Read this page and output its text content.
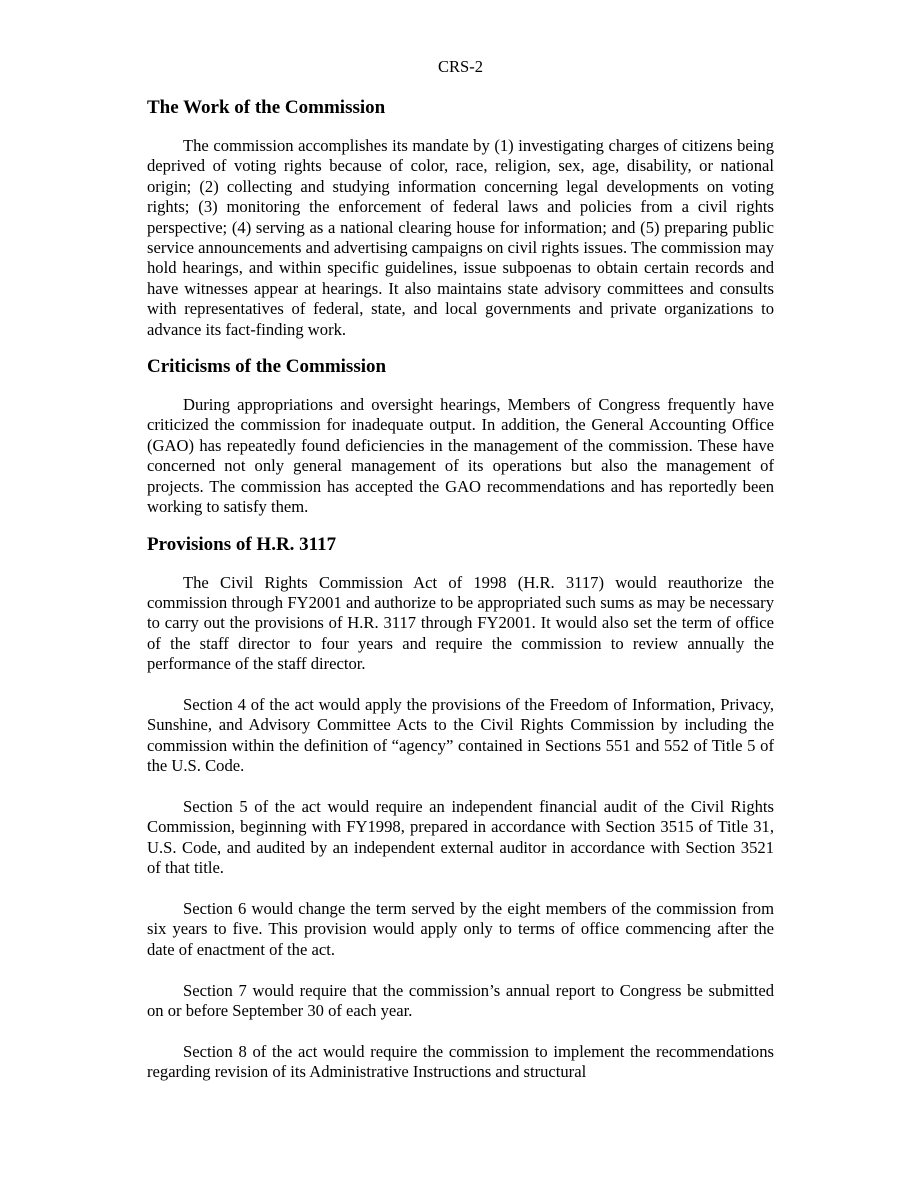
CRS-2
The Work of the Commission

The commission accomplishes its mandate by (1) investigating charges of citizens being deprived of voting rights because of color, race, religion, sex, age, disability, or national origin; (2) collecting and studying information concerning legal developments on voting rights; (3) monitoring the enforcement of federal laws and policies from a civil rights perspective; (4) serving as a national clearing house for information; and (5) preparing public service announcements and advertising campaigns on civil rights issues. The commission may hold hearings, and within specific guidelines, issue subpoenas to obtain certain records and have witnesses appear at hearings. It also maintains state advisory committees and consults with representatives of federal, state, and local governments and private organizations to advance its fact-finding work.

Criticisms of the Commission

During appropriations and oversight hearings, Members of Congress frequently have criticized the commission for inadequate output. In addition, the General Accounting Office (GAO) has repeatedly found deficiencies in the management of the commission. These have concerned not only general management of its operations but also the management of projects. The commission has accepted the GAO recommendations and has reportedly been working to satisfy them.

Provisions of H.R. 3117

The Civil Rights Commission Act of 1998 (H.R. 3117) would reauthorize the commission through FY2001 and authorize to be appropriated such sums as may be necessary to carry out the provisions of H.R. 3117 through FY2001. It would also set the term of office of the staff director to four years and require the commission to review annually the performance of the staff director.

Section 4 of the act would apply the provisions of the Freedom of Information, Privacy, Sunshine, and Advisory Committee Acts to the Civil Rights Commission by including the commission within the definition of “agency” contained in Sections 551 and 552 of Title 5 of the U.S. Code.

Section 5 of the act would require an independent financial audit of the Civil Rights Commission, beginning with FY1998, prepared in accordance with Section 3515 of Title 31, U.S. Code, and audited by an independent external auditor in accordance with Section 3521 of that title.

Section 6 would change the term served by the eight members of the commission from six years to five. This provision would apply only to terms of office commencing after the date of enactment of the act.

Section 7 would require that the commission’s annual report to Congress be submitted on or before September 30 of each year.

Section 8 of the act would require the commission to implement the recommendations regarding revision of its Administrative Instructions and structural
